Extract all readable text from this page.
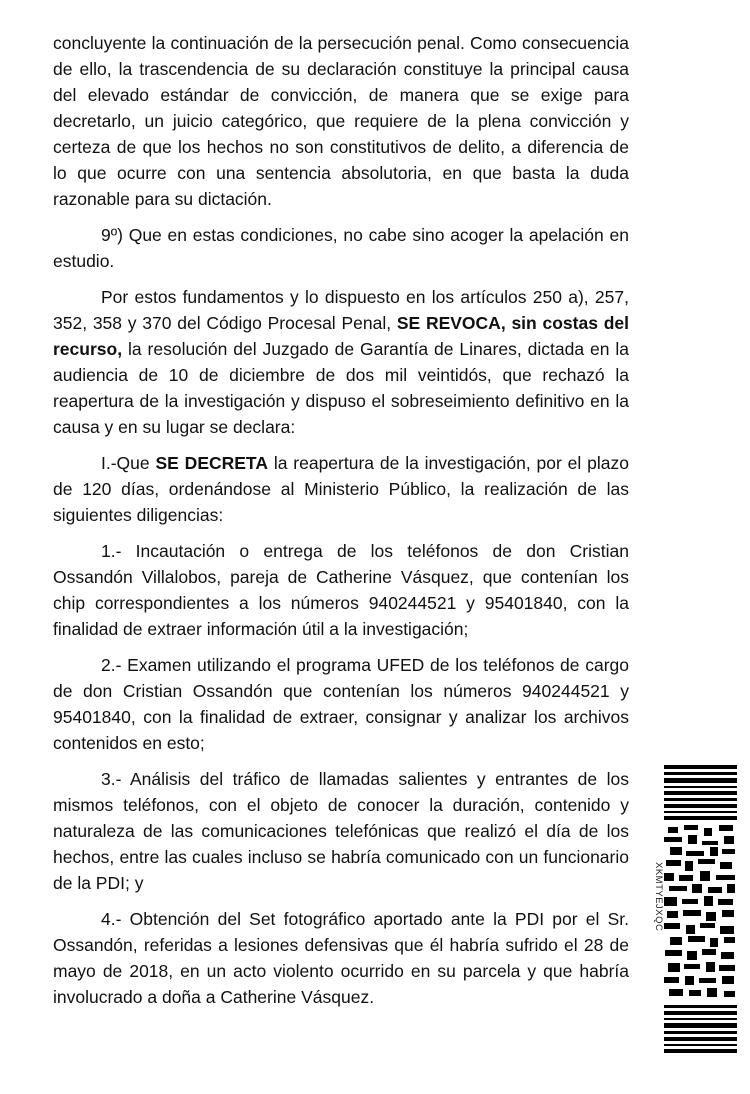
concluyente la continuación de la persecución penal. Como consecuencia de ello, la trascendencia de su declaración constituye la principal causa del elevado estándar de convicción, de manera que se exige para decretarlo, un juicio categórico, que requiere de la plena convicción y certeza de que los hechos no son constitutivos de delito, a diferencia de lo que ocurre con una sentencia absolutoria, en que basta la duda razonable para su dictación.

9º) Que en estas condiciones, no cabe sino acoger la apelación en estudio.

Por estos fundamentos y lo dispuesto en los artículos 250 a), 257, 352, 358 y 370 del Código Procesal Penal, SE REVOCA, sin costas del recurso, la resolución del Juzgado de Garantía de Linares, dictada en la audiencia de 10 de diciembre de dos mil veintidós, que rechazó la reapertura de la investigación y dispuso el sobreseimiento definitivo en la causa y en su lugar se declara:

I.-Que SE DECRETA la reapertura de la investigación, por el plazo de 120 días, ordenándose al Ministerio Público, la realización de las siguientes diligencias:

1.- Incautación o entrega de los teléfonos de don Cristian Ossandón Villalobos, pareja de Catherine Vásquez, que contenían los chip correspondientes a los números 940244521 y 95401840, con la finalidad de extraer información útil a la investigación;

2.- Examen utilizando el programa UFED de los teléfonos de cargo de don Cristian Ossandón que contenían los números 940244521 y 95401840, con la finalidad de extraer, consignar y analizar los archivos contenidos en esto;

3.- Análisis del tráfico de llamadas salientes y entrantes de los mismos teléfonos, con el objeto de conocer la duración, contenido y naturaleza de las comunicaciones telefónicas que realizó el día de los hechos, entre las cuales incluso se habría comunicado con un funcionario de la PDI; y

4.- Obtención del Set fotográfico aportado ante la PDI por el Sr. Ossandón, referidas a lesiones defensivas que él habría sufrido el 28 de mayo de 2018, en un acto violento ocurrido en su parcela y que habría involucrado a doña a Catherine Vásquez.

XKMTYEJXQC
